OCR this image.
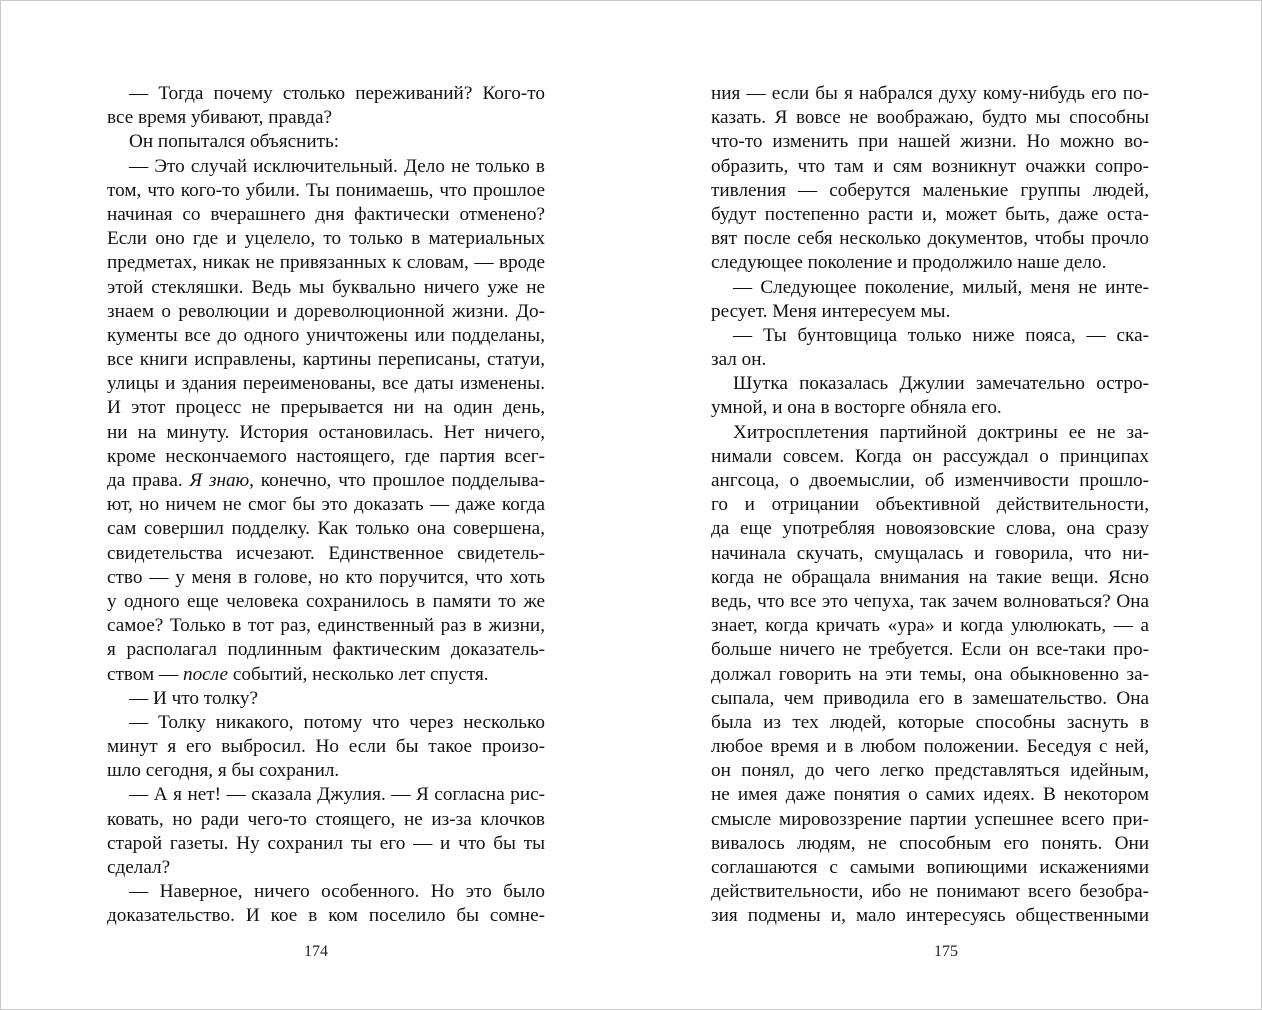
— Тогда почему столько переживаний? Кого-то
все время убивают, правда?
Он попытался объяснить:
— Это случай исключительный. Дело не только в
том, что кого-то убили. Ты понимаешь, что прошлое
начиная со вчерашнего дня фактически отменено?
Если оно где и уцелело, то только в материальных
предметах, никак не привязанных к словам, — вроде
этой стекляшки. Ведь мы буквально ничего уже не
знаем о революции и дореволюционной жизни. До-
кументы все до одного уничтожены или подделаны,
все книги исправлены, картины переписаны, статуи,
улицы и здания переименованы, все даты изменены.
И этот процесс не прерывается ни на один день,
ни на минуту. История остановилась. Нет ничего,
кроме нескончаемого настоящего, где партия всег-
да права. Я знаю, конечно, что прошлое подделыва-
ют, но ничем не смог бы это доказать — даже когда
сам совершил подделку. Как только она совершена,
свидетельства исчезают. Единственное свидетель-
ство — у меня в голове, но кто поручится, что хоть
у одного еще человека сохранилось в памяти то же
самое? Только в тот раз, единственный раз в жизни,
я располагал подлинным фактическим доказатель-
ством — после событий, несколько лет спустя.
— И что толку?
— Толку никакого, потому что через несколько
минут я его выбросил. Но если бы такое произо-
шло сегодня, я бы сохранил.
— А я нет! — сказала Джулия. — Я согласна рис-
ковать, но ради чего-то стоящего, не из-за клочков
старой газеты. Ну сохранил ты его — и что бы ты
сделал?
— Наверное, ничего особенного. Но это было
доказательство. И кое в ком поселило бы сомне-
174
ния — если бы я набрался духу кому-нибудь его по-
казать. Я вовсе не воображаю, будто мы способны
что-то изменить при нашей жизни. Но можно во-
образить, что там и сям возникнут очажки сопро-
тивления — соберутся маленькие группы людей,
будут постепенно расти и, может быть, даже оста-
вят после себя несколько документов, чтобы прочло
следующее поколение и продолжило наше дело.
— Следующее поколение, милый, меня не инте-
ресует. Меня интересуем мы.
— Ты бунтовщица только ниже пояса, — ска-
зал он.
Шутка показалась Джулии замечательно остро-
умной, и она в восторге обняла его.
Хитросплетения партийной доктрины ее не за-
нимали совсем. Когда он рассуждал о принципах
ангсоца, о двоемыслии, об изменчивости прошло-
го и отрицании объективной действительности,
да еще употребляя новоязовские слова, она сразу
начинала скучать, смущалась и говорила, что ни-
когда не обращала внимания на такие вещи. Ясно
ведь, что все это чепуха, так зачем волноваться? Она
знает, когда кричать «ура» и когда улюлюкать, — а
больше ничего не требуется. Если он все-таки про-
должал говорить на эти темы, она обыкновенно за-
сыпала, чем приводила его в замешательство. Она
была из тех людей, которые способны заснуть в
любое время и в любом положении. Беседуя с ней,
он понял, до чего легко представляться идейным,
не имея даже понятия о самих идеях. В некотором
смысле мировоззрение партии успешнее всего при-
вивалось людям, не способным его понять. Они
соглашаются с самыми вопиющими искажениями
действительности, ибо не понимают всего безобра-
зия подмены и, мало интересуясь общественными
175
